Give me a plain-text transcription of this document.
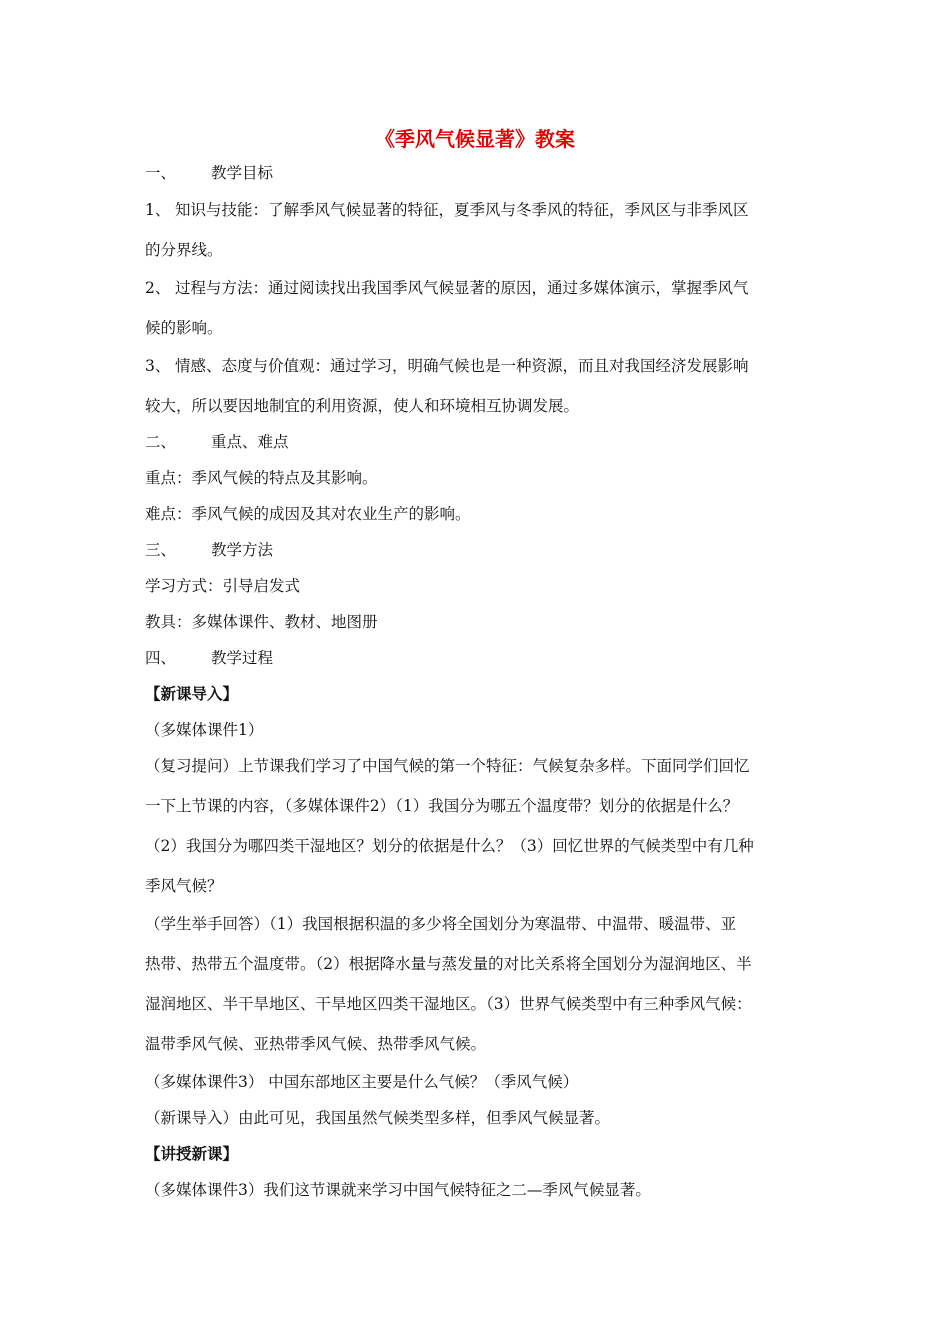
《季风气候显著》教案
一、 教学目标
1、 知识与技能：了解季风气候显著的特征，夏季风与冬季风的特征，季风区与非季风区
的分界线。
2、 过程与方法：通过阅读找出我国季风气候显著的原因，通过多媒体演示，掌握季风气
候的影响。
3、 情感、态度与价值观：通过学习，明确气候也是一种资源，而且对我国经济发展影响
较大，所以要因地制宜的利用资源，使人和环境相互协调发展。
二、 重点、难点
重点：季风气候的特点及其影响。
难点：季风气候的成因及其对农业生产的影响。
三、 教学方法
学习方式：引导启发式
教具：多媒体课件、教材、地图册
四、 教学过程
【新课导入】
（多媒体课件1）
（复习提问）上节课我们学习了中国气候的第一个特征：气候复杂多样。下面同学们回忆
一下上节课的内容，（多媒体课件2）（1）我国分为哪五个温度带？划分的依据是什么？
（2）我国分为哪四类干湿地区？划分的依据是什么？（3）回忆世界的气候类型中有几种
季风气候？
（学生举手回答）（1）我国根据积温的多少将全国划分为寒温带、中温带、暖温带、亚
热带、热带五个温度带。（2）根据降水量与蒸发量的对比关系将全国划分为湿润地区、半
湿润地区、半干旱地区、干旱地区四类干湿地区。（3）世界气候类型中有三种季风气候：
温带季风气候、亚热带季风气候、热带季风气候。
（多媒体课件3） 中国东部地区主要是什么气候？（季风气候）
（新课导入）由此可见，我国虽然气候类型多样，但季风气候显著。
【讲授新课】
（多媒体课件3）我们这节课就来学习中国气候特征之二—季风气候显著。
